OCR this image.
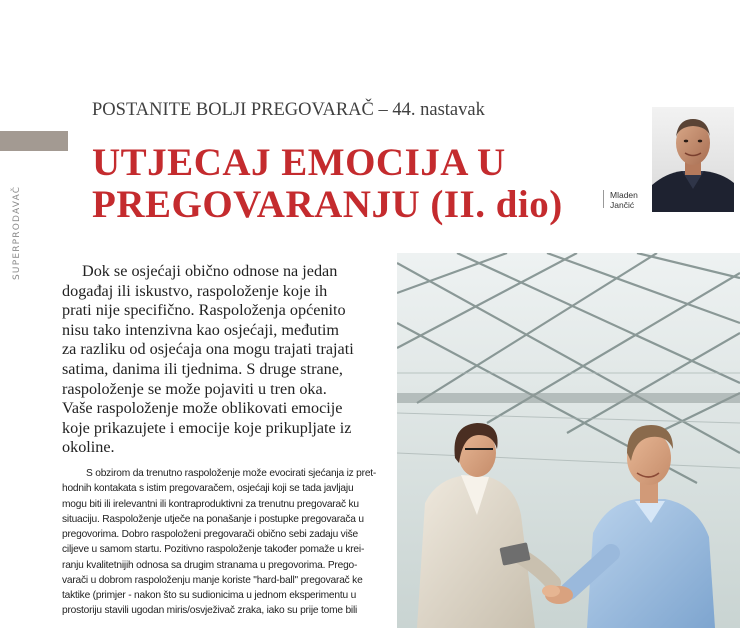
SUPERPRODAVAČ
POSTANITE BOLJI PREGOVARAČ – 44. nastavak
UTJECAJ EMOCIJA U
PREGOVARANJU (II. dio)	Mladen
Jančić
Dok se osjećaji obično odnose na jedan
događaj ili iskustvo, raspoloženje koje ih
prati nije specifično. Raspoloženja općenito
nisu tako intenzivna kao osjećaji, međutim
za razliku od osjećaja ona mogu trajati trajati
satima, danima ili tjednima. S druge strane,
raspoloženje se može pojaviti u tren oka.
Vaše raspoloženje može oblikovati emocije
koje prikazujete i emocije koje prikupljate iz
okoline.
S obzirom da trenutno raspoloženje može evocirati sjećanja iz pret-
hodnih kontakata s istim pregovaračem, osjećaji koji se tada javljaju
mogu biti ili irelevantni ili kontraproduktivni za trenutnu pregovarač ku
situaciju. Raspoloženje utječe na ponašanje i postupke pregovarača u
pregovorima. Dobro raspoloženi pregovarači obično sebi zadaju više
ciljeve u samom startu. Pozitivno raspoloženje također pomaže u krei-
ranju kvalitetnijih odnosa sa drugim stranama u pregovorima. Prego-
varači u dobrom raspoloženju manje koriste "hard-ball" pregovarač ke
taktike (primjer - nakon što su sudionicima u jednom eksperimentu u
prostoriju stavili ugodan miris/osvježivač zraka, iako su prije tome bili
